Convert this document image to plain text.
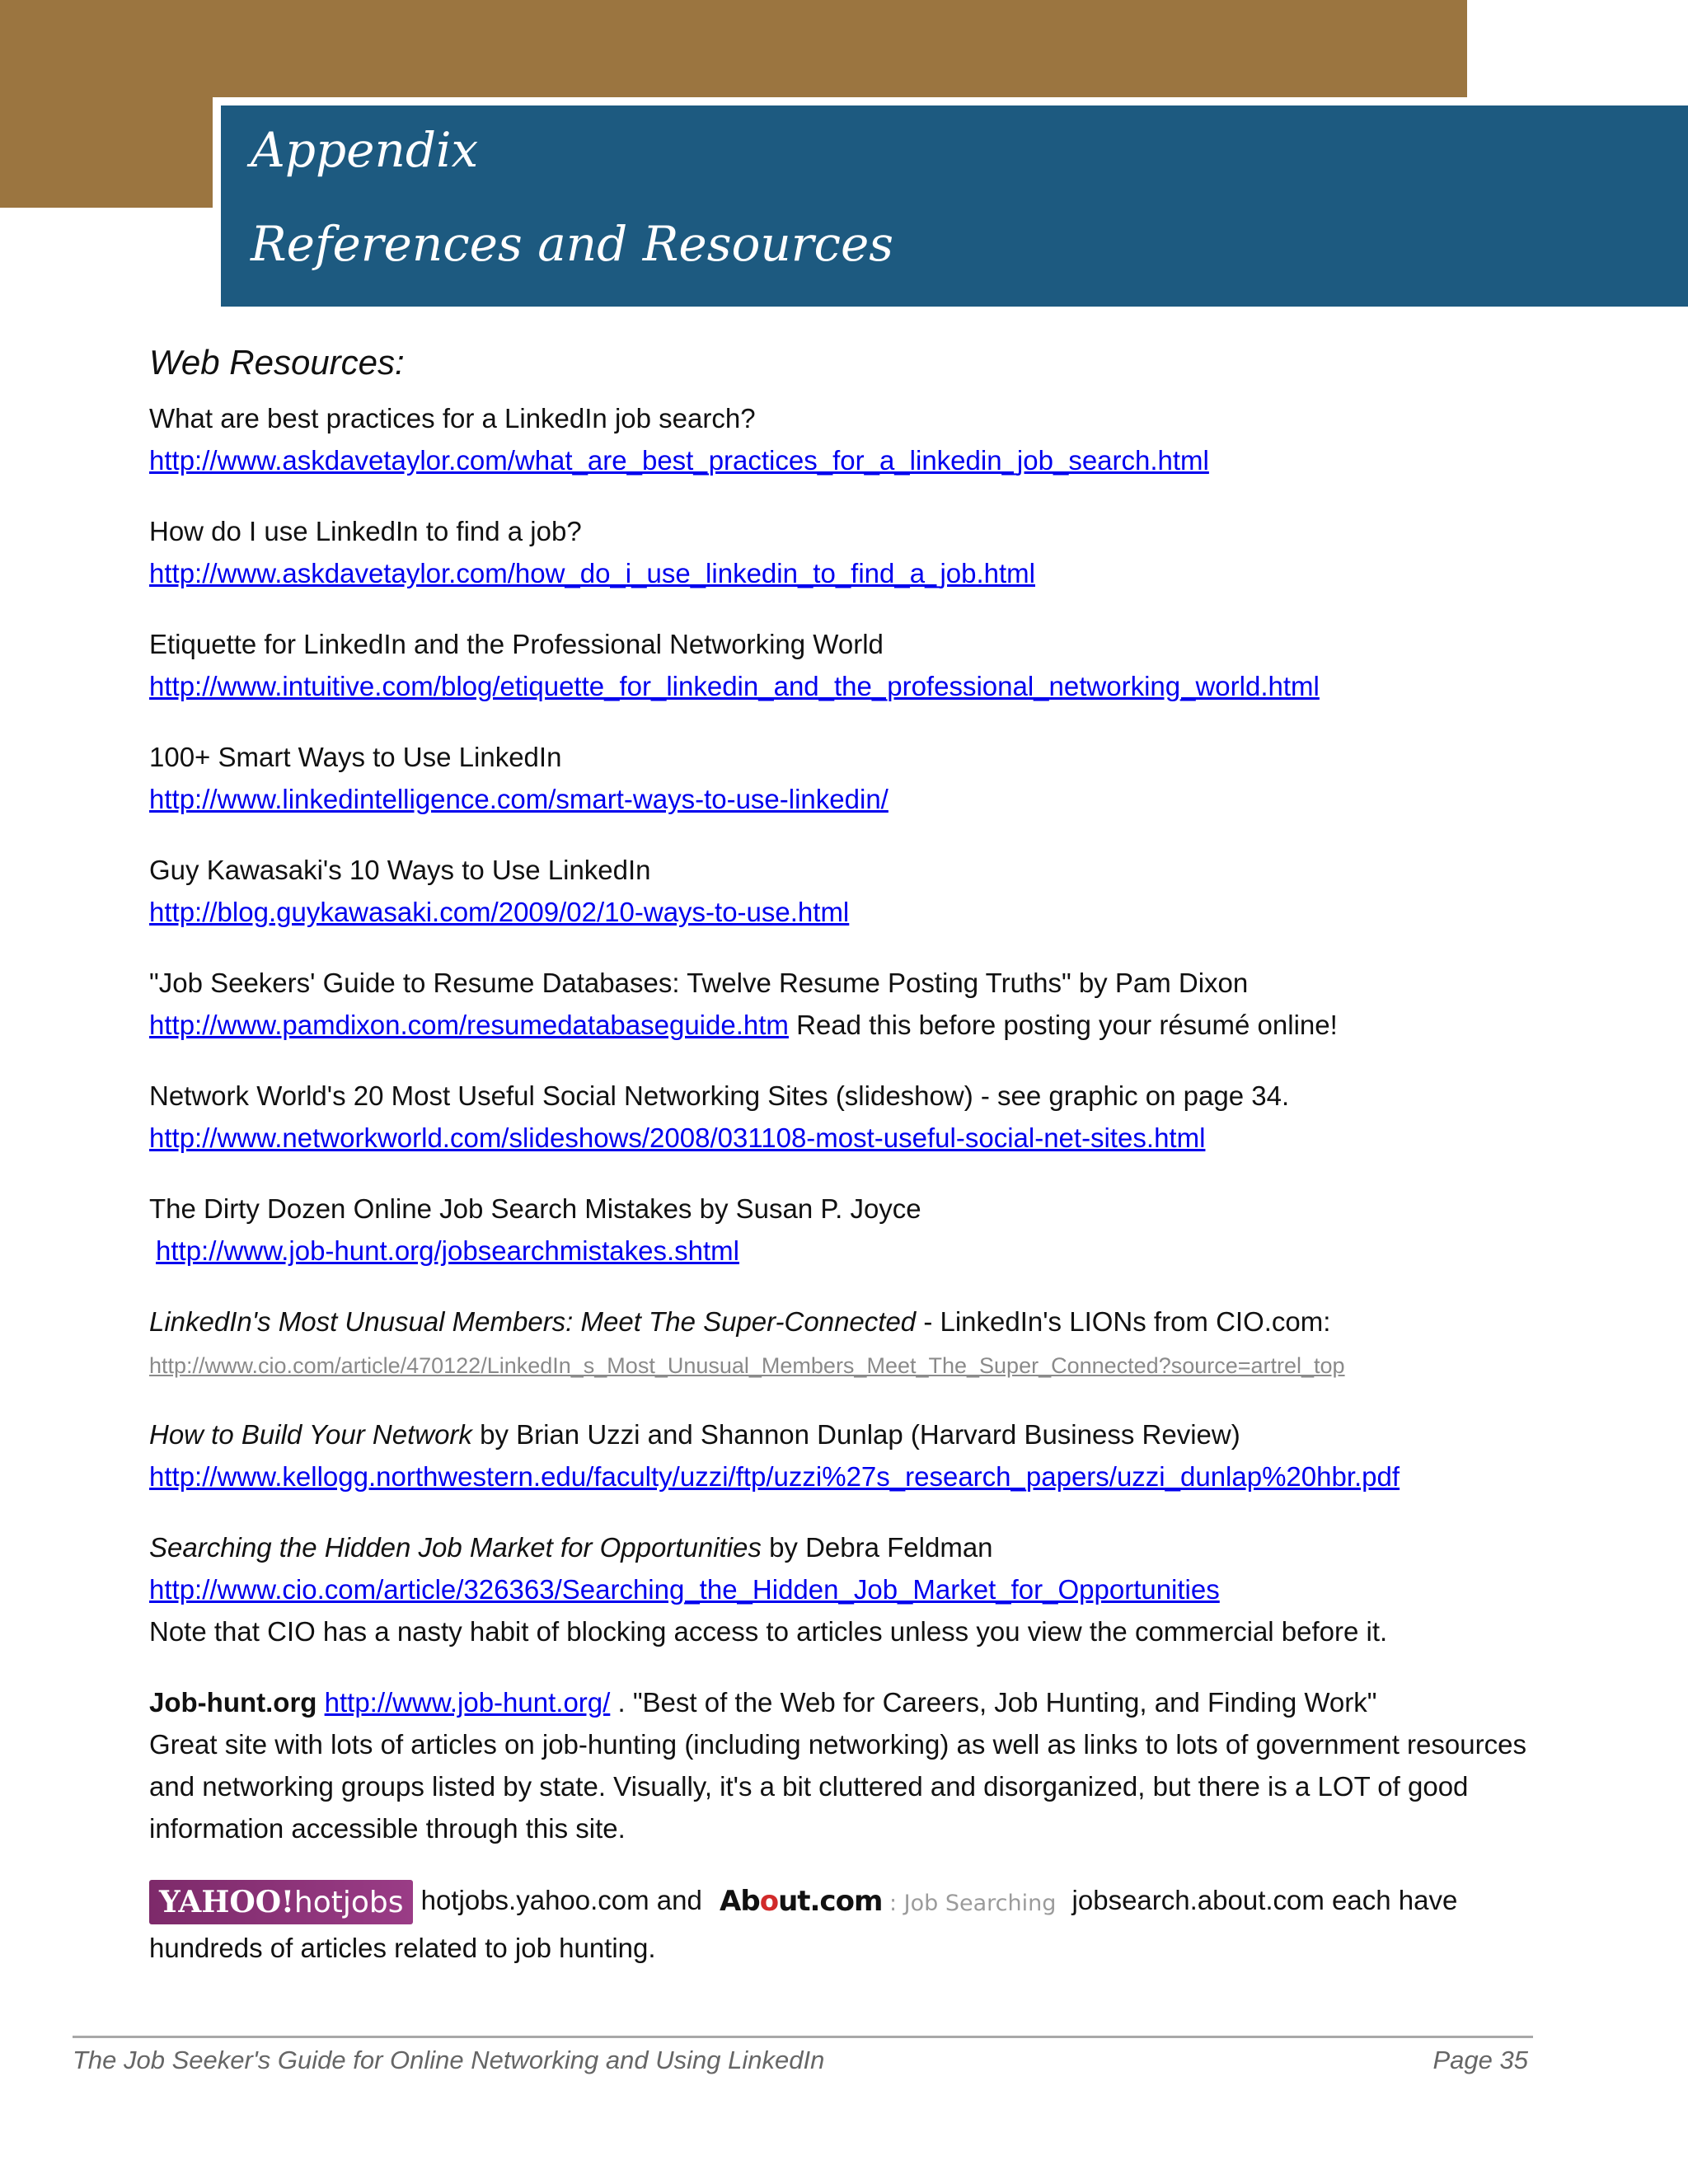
Appendix
References and Resources
Web Resources:
What are best practices for a LinkedIn job search?
http://www.askdavetaylor.com/what_are_best_practices_for_a_linkedin_job_search.html
How do I use LinkedIn to find a job?
http://www.askdavetaylor.com/how_do_i_use_linkedin_to_find_a_job.html
Etiquette for LinkedIn and the Professional Networking World
http://www.intuitive.com/blog/etiquette_for_linkedin_and_the_professional_networking_world.html
100+ Smart Ways to Use LinkedIn
http://www.linkedintelligence.com/smart-ways-to-use-linkedin/
Guy Kawasaki's 10 Ways to Use LinkedIn
http://blog.guykawasaki.com/2009/02/10-ways-to-use.html
"Job Seekers' Guide to Resume Databases: Twelve Resume Posting Truths" by Pam Dixon
http://www.pamdixon.com/resumedatabaseguide.htm Read this before posting your résumé online!
Network World's 20 Most Useful Social Networking Sites (slideshow) - see graphic on page 34.
http://www.networkworld.com/slideshows/2008/031108-most-useful-social-net-sites.html
The Dirty Dozen Online Job Search Mistakes by Susan P. Joyce
http://www.job-hunt.org/jobsearchmistakes.shtml
LinkedIn's Most Unusual Members: Meet The Super-Connected - LinkedIn's LIONs from CIO.com:
http://www.cio.com/article/470122/LinkedIn_s_Most_Unusual_Members_Meet_The_Super_Connected?source=artrel_top
How to Build Your Network by Brian Uzzi and Shannon Dunlap (Harvard Business Review)
http://www.kellogg.northwestern.edu/faculty/uzzi/ftp/uzzi%27s_research_papers/uzzi_dunlap%20hbr.pdf
Searching the Hidden Job Market for Opportunities by Debra Feldman
http://www.cio.com/article/326363/Searching_the_Hidden_Job_Market_for_Opportunities
Note that CIO has a nasty habit of blocking access to articles unless you view the commercial before it.
Job-hunt.org http://www.job-hunt.org/ . "Best of the Web for Careers, Job Hunting, and Finding Work"
Great site with lots of articles on job-hunting (including networking) as well as links to lots of government resources and networking groups listed by state. Visually, it's a bit cluttered and disorganized, but there is a LOT of good information accessible through this site.
YAHOO!hotjobs hotjobs.yahoo.com and About.com : Job Searching jobsearch.about.com each have hundreds of articles related to job hunting.
The Job Seeker's Guide for Online Networking and Using LinkedIn	Page 35
